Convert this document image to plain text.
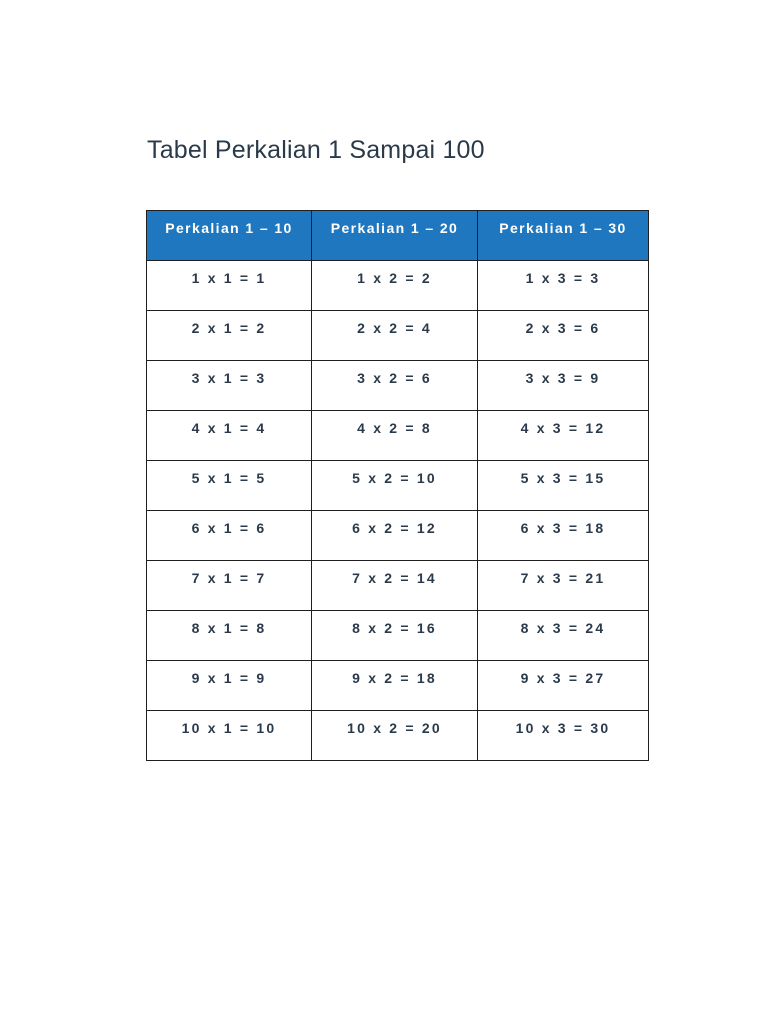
Tabel Perkalian 1 Sampai 100
Perkalian 1 – 10	Perkalian 1 – 20	Perkalian 1 – 30

1 x 1 = 1	1 x 2 = 2	1 x 3 = 3

2 x 1 = 2	2 x 2 = 4	2 x 3 = 6

3 x 1 = 3	3 x 2 = 6	3 x 3 = 9

4 x 1 = 4	4 x 2 = 8	4 x 3 = 12

5 x 1 = 5	5 x 2 = 10	5 x 3 = 15

6 x 1 = 6	6 x 2 = 12	6 x 3 = 18

7 x 1 = 7	7 x 2 = 14	7 x 3 = 21

8 x 1 = 8	8 x 2 = 16	8 x 3 = 24

9 x 1 = 9	9 x 2 = 18	9 x 3 = 27

10 x 1 = 10	10 x 2 = 20	10 x 3 = 30
